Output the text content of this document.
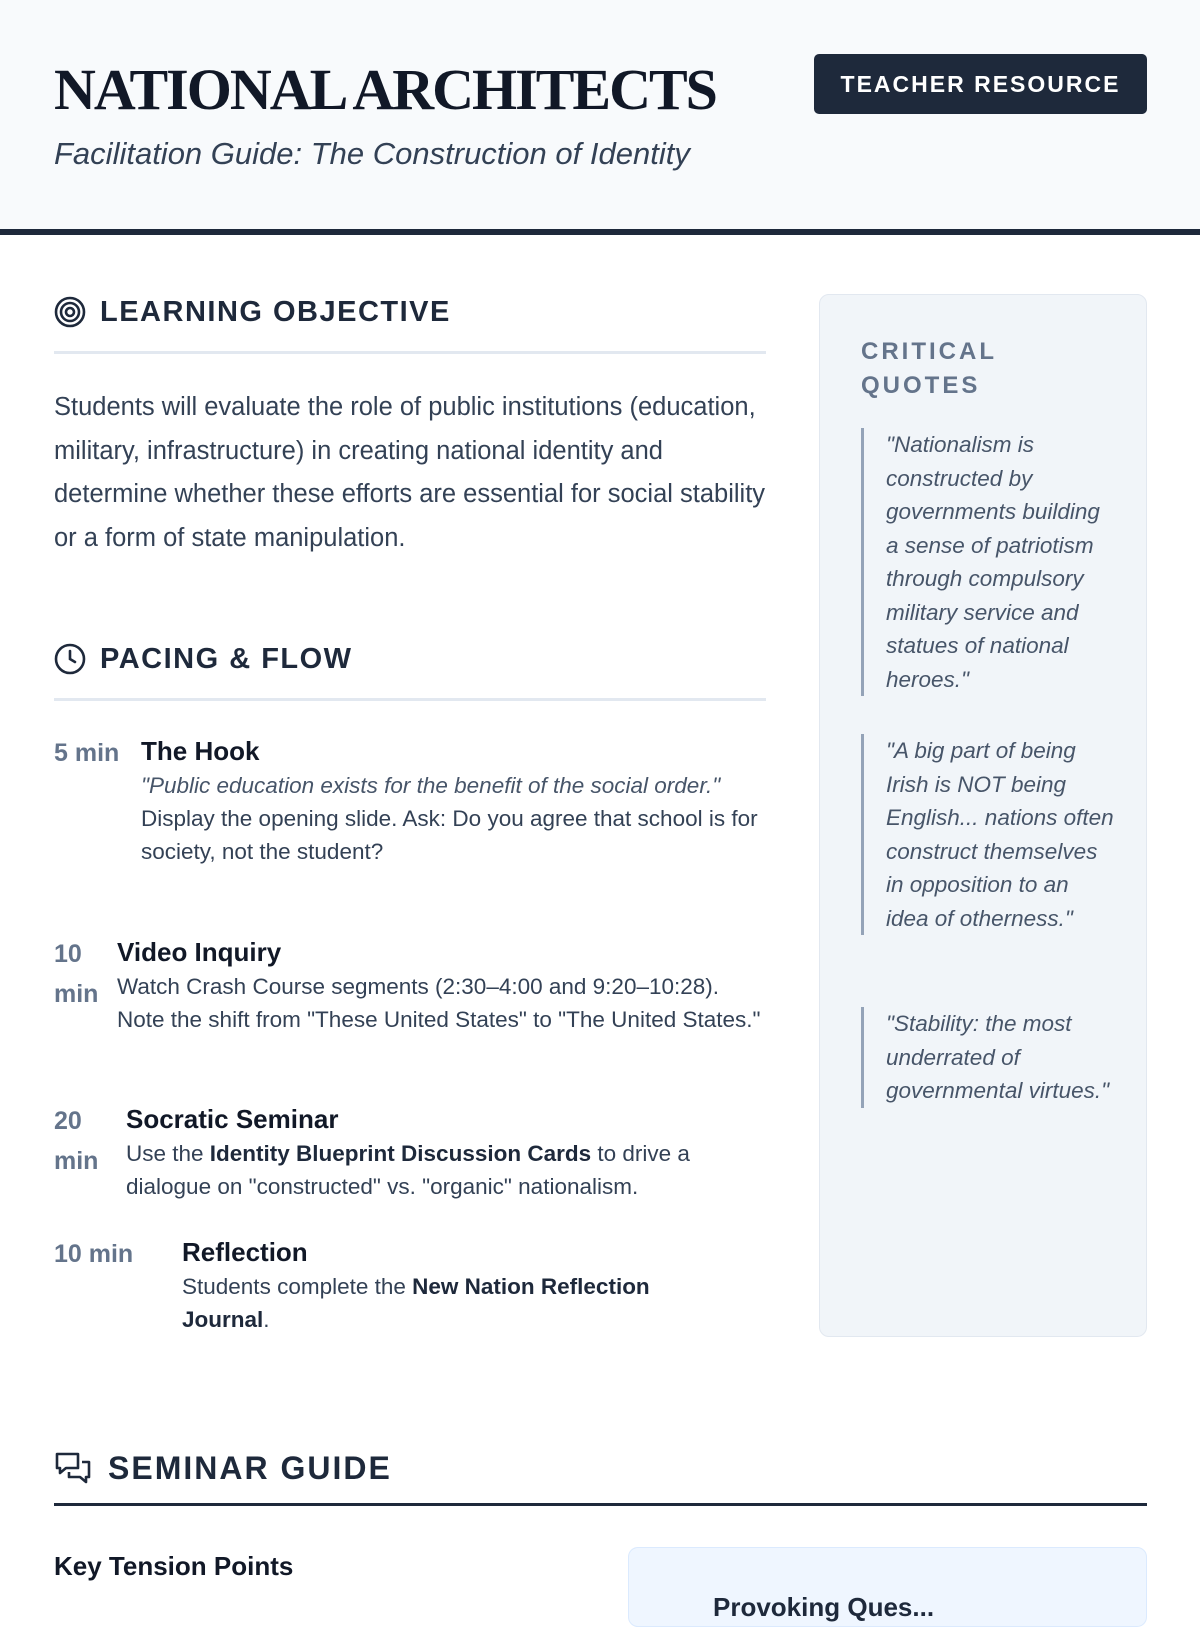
NATIONAL ARCHITECTS
Facilitation Guide: The Construction of Identity
TEACHER RESOURCE
LEARNING OBJECTIVE
Students will evaluate the role of public institutions (education, military, infrastructure) in creating national identity and determine whether these efforts are essential for social stability or a form of state manipulation.
PACING & FLOW
5 min The Hook
"Public education exists for the benefit of the social order."
Display the opening slide. Ask: Do you agree that school is for society, not the student?
10 min
Video Inquiry
Watch Crash Course segments (2:30–4:00 and 9:20–10:28). Note the shift from "These United States" to "The United States."
20 min
Socratic Seminar
Use the Identity Blueprint Discussion Cards to drive a dialogue on "constructed" vs. "organic" nationalism.
10 min Reflection
Students complete the New Nation Reflection Journal.
CRITICAL QUOTES
"Nationalism is constructed by governments building a sense of patriotism through compulsory military service and statues of national heroes."
"A big part of being Irish is NOT being English... nations often construct themselves in opposition to an idea of otherness."
"Stability: the most underrated of governmental virtues."
SEMINAR GUIDE
Key Tension Points
Provoking Ques...
